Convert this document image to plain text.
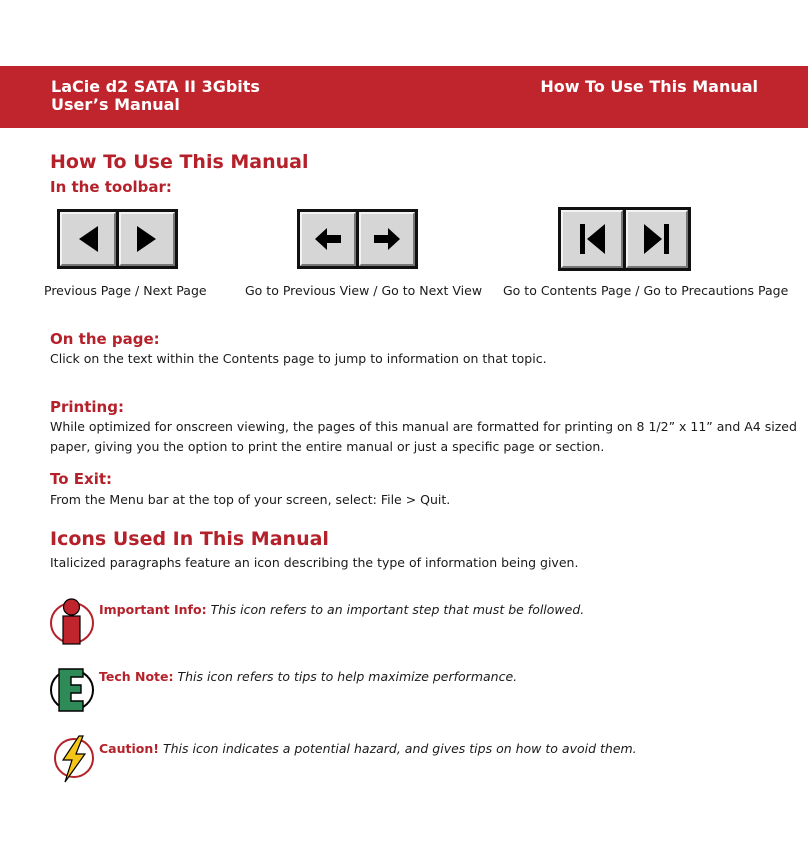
LaCie d2 SATA II 3Gbits
User’s Manual
How To Use This Manual
How To Use This Manual
In the toolbar:
Previous Page / Next Page	Go to Previous View / Go to Next View Go to Contents Page / Go to Precautions Page
On the page:
Click on the text within the Contents page to jump to information on that topic.
Printing:
While optimized for onscreen viewing, the pages of this manual are formatted for printing on 8 1/2” x 11” and A4 sized
paper, giving you the option to print the entire manual or just a specific page or section.
To Exit:
From the Menu bar at the top of your screen, select: File > Quit.
Icons Used In This Manual
Italicized paragraphs feature an icon describing the type of information being given.
Important Info: This icon refers to an important step that must be followed.
Tech Note: This icon refers to tips to help maximize performance.
Caution! This icon indicates a potential hazard, and gives tips on how to avoid them.
